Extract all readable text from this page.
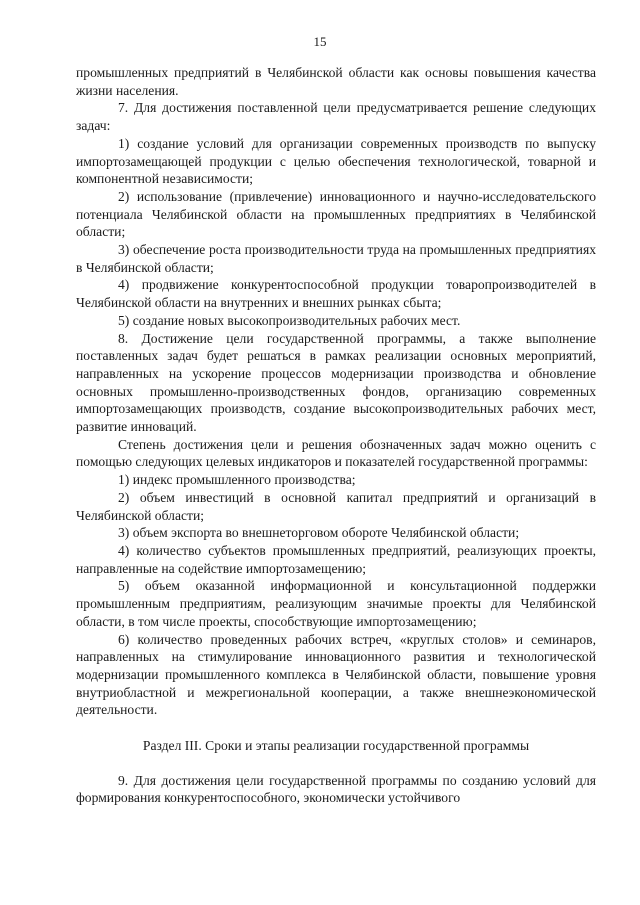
15

промышленных предприятий в Челябинской области как основы повышения качества жизни населения.

7. Для достижения поставленной цели предусматривается решение следующих задач:

1) создание условий для организации современных производств по выпуску импортозамещающей продукции с целью обеспечения технологической, товарной и компонентной независимости;

2) использование (привлечение) инновационного и научно-исследовательского потенциала Челябинской области на промышленных предприятиях в Челябинской области;

3) обеспечение роста производительности труда на промышленных предприятиях в Челябинской области;

4) продвижение конкурентоспособной продукции товаропроизводителей в Челябинской области на внутренних и внешних рынках сбыта;

5) создание новых высокопроизводительных рабочих мест.

8. Достижение цели государственной программы, а также выполнение поставленных задач будет решаться в рамках реализации основных мероприятий, направленных на ускорение процессов модернизации производства и обновление основных промышленно-производственных фондов, организацию современных импортозамещающих производств, создание высокопроизводительных рабочих мест, развитие инноваций.

Степень достижения цели и решения обозначенных задач можно оценить с помощью следующих целевых индикаторов и показателей государственной программы:

1) индекс промышленного производства;

2) объем инвестиций в основной капитал предприятий и организаций в Челябинской области;

3) объем экспорта во внешнеторговом обороте Челябинской области;

4) количество субъектов промышленных предприятий, реализующих проекты, направленные на содействие импортозамещению;

5) объем оказанной информационной и консультационной поддержки промышленным предприятиям, реализующим значимые проекты для Челябинской области, в том числе проекты, способствующие импортозамещению;

6) количество проведенных рабочих встреч, «круглых столов» и семинаров, направленных на стимулирование инновационного развития и технологической модернизации промышленного комплекса в Челябинской области, повышение уровня внутриобластной и межрегиональной кооперации, а также внешнеэкономической деятельности.

Раздел III. Сроки и этапы реализации государственной программы

9. Для достижения цели государственной программы по созданию условий для формирования конкурентоспособного, экономически устойчивого
